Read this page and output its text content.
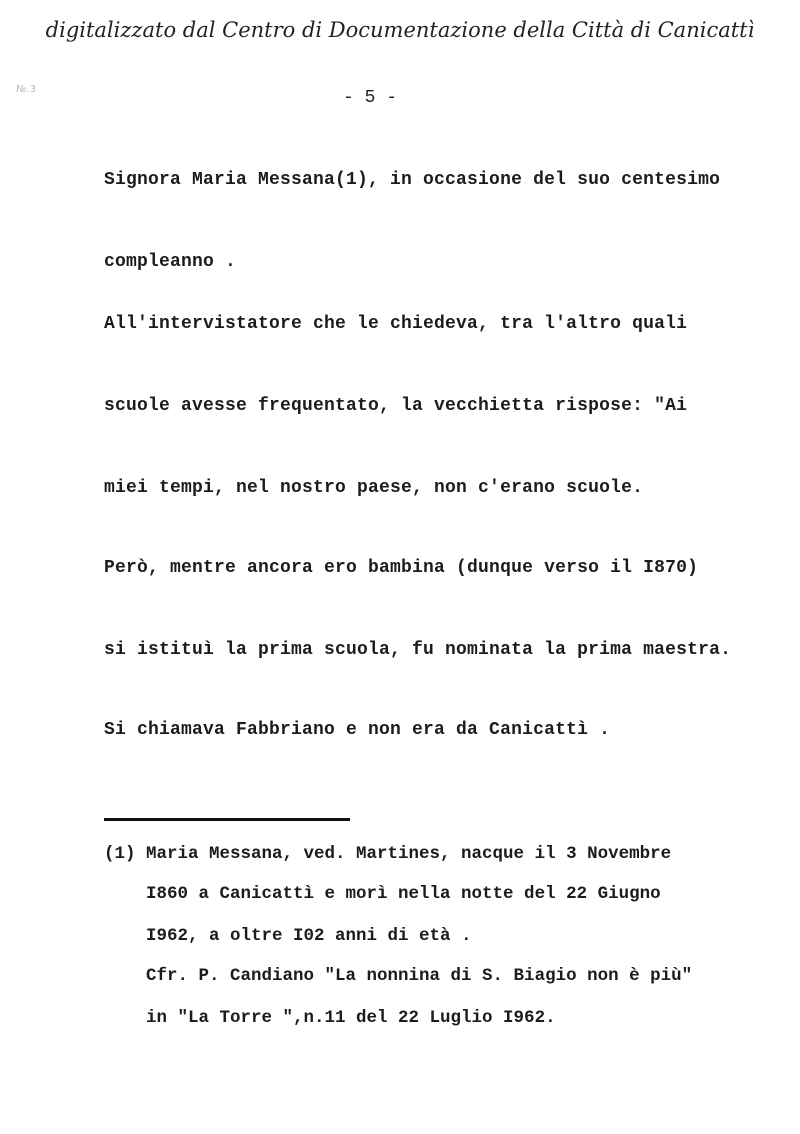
digitalizzato dal Centro di Documentazione della Città di Canicattì
№.3	- 5 -
Signora Maria Messana(1), in occasione del suo centesimo
compleanno .
All'intervistatore che le chiedeva, tra l'altro quali
scuole avesse frequentato, la vecchietta rispose: "Ai
miei tempi, nel nostro paese, non c'erano scuole.
Però, mentre ancora ero bambina (dunque verso il I870)
si istituì la prima scuola, fu nominata la prima maestra.
Si chiamava Fabbriano e non era da Canicattì .
(1) Maria Messana, ved. Martines, nacque il 3 Novembre
I860 a Canicattì e morì nella notte del 22 Giugno
I962, a oltre I02 anni di età .
Cfr. P. Candiano "La nonnina di S. Biagio non è più"
in "La Torre ",n.11 del 22 Luglio I962.
